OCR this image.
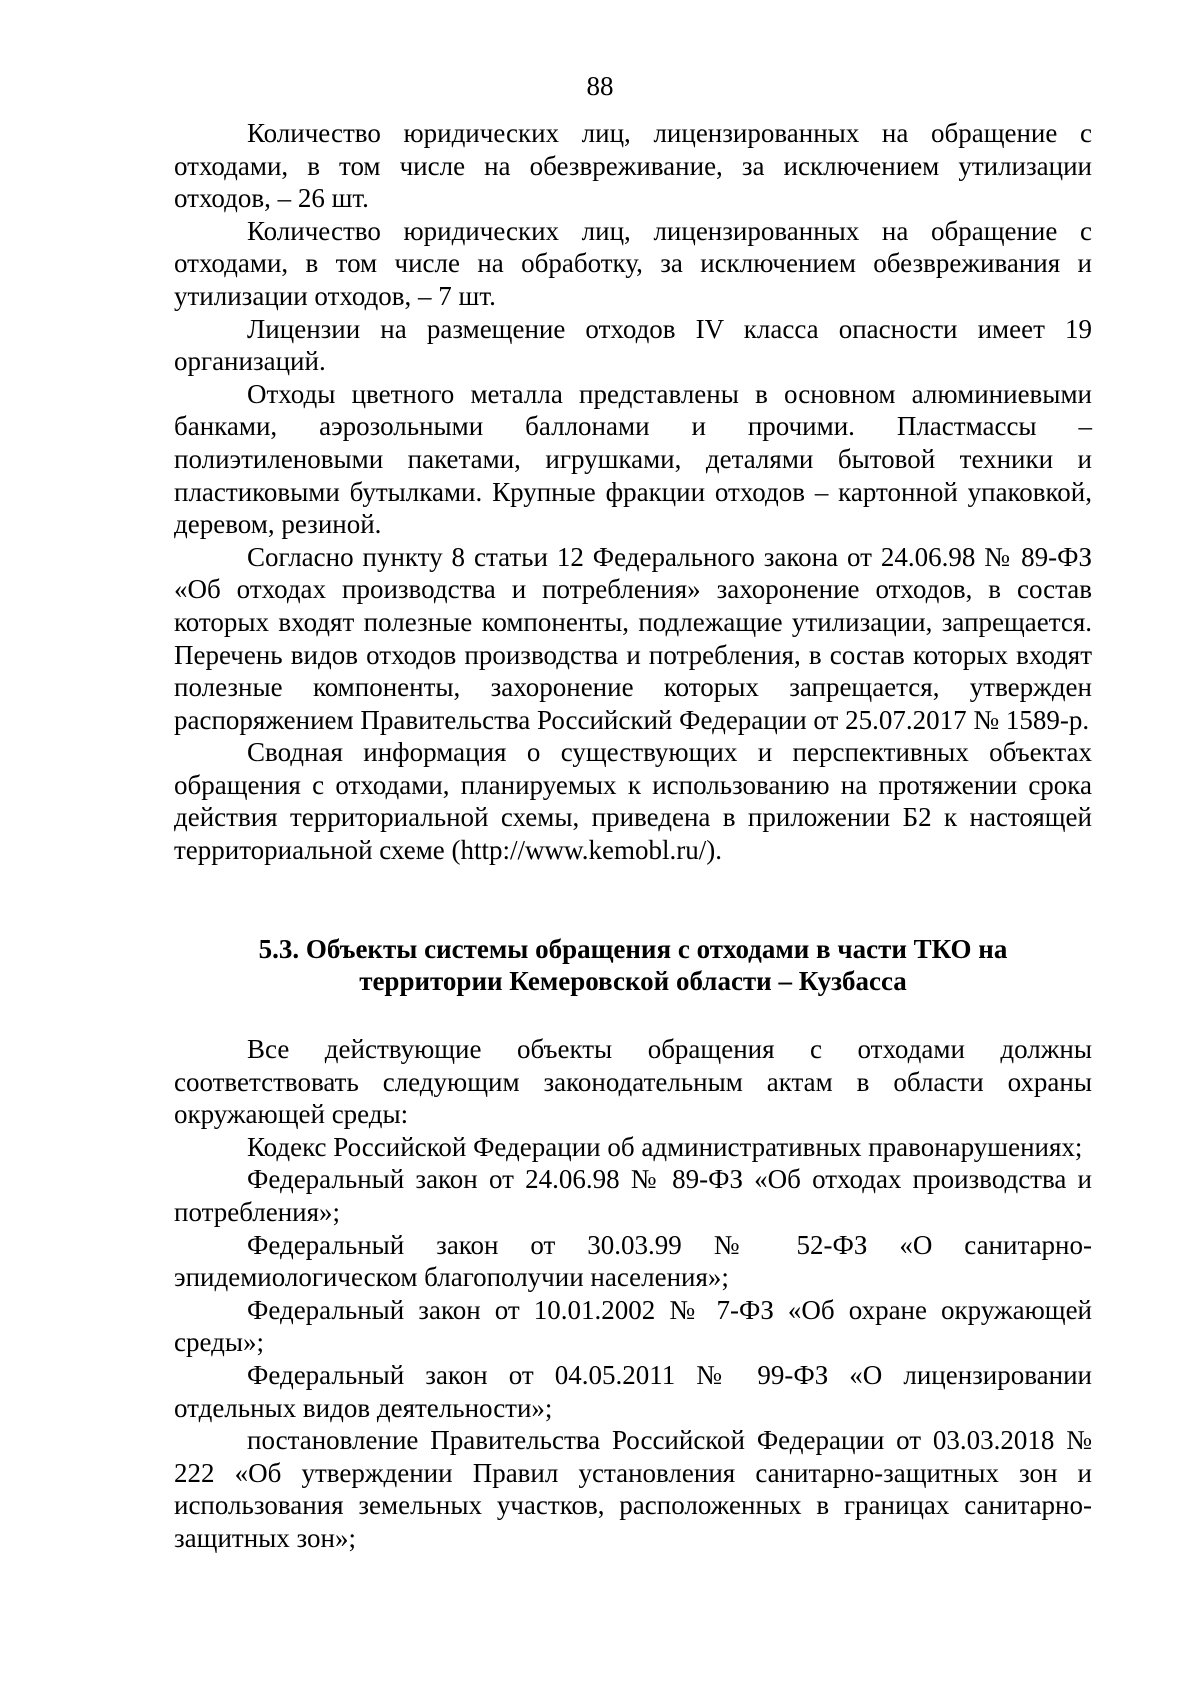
88

Количество юридических лиц, лицензированных на обращение с отходами, в том числе на обезвреживание, за исключением утилизации отходов, – 26 шт.

Количество юридических лиц, лицензированных на обращение с отходами, в том числе на обработку, за исключением обезвреживания и утилизации отходов, – 7 шт.

Лицензии на размещение отходов IV класса опасности имеет 19 организаций.

Отходы цветного металла представлены в основном алюминиевыми банками, аэрозольными баллонами и прочими. Пластмассы – полиэтиленовыми пакетами, игрушками, деталями бытовой техники и пластиковыми бутылками. Крупные фракции отходов – картонной упаковкой, деревом, резиной.

Согласно пункту 8 статьи 12 Федерального закона от 24.06.98 № 89-ФЗ «Об отходах производства и потребления» захоронение отходов, в состав которых входят полезные компоненты, подлежащие утилизации, запрещается. Перечень видов отходов производства и потребления, в состав которых входят полезные компоненты, захоронение которых запрещается, утвержден распоряжением Правительства Российский Федерации от 25.07.2017 № 1589-р.

Сводная информация о существующих и перспективных объектах обращения с отходами, планируемых к использованию на протяжении срока действия территориальной схемы, приведена в приложении Б2 к настоящей территориальной схеме (http://www.kemobl.ru/).

5.3. Объекты системы обращения с отходами в части ТКО на
территории Кемеровской области – Кузбасса

Все действующие объекты обращения с отходами должны соответствовать следующим законодательным актам в области охраны окружающей среды:

Кодекс Российской Федерации об административных правонарушениях;

Федеральный закон от 24.06.98 № 89-ФЗ «Об отходах производства и потребления»;

Федеральный закон от 30.03.99 № 52-ФЗ «О санитарно-эпидемиологическом благополучии населения»;

Федеральный закон от 10.01.2002 № 7-ФЗ «Об охране окружающей среды»;

Федеральный закон от 04.05.2011 № 99-ФЗ «О лицензировании отдельных видов деятельности»;

постановление Правительства Российской Федерации от 03.03.2018 № 222 «Об утверждении Правил установления санитарно-защитных зон и использования земельных участков, расположенных в границах санитарно-защитных зон»;
